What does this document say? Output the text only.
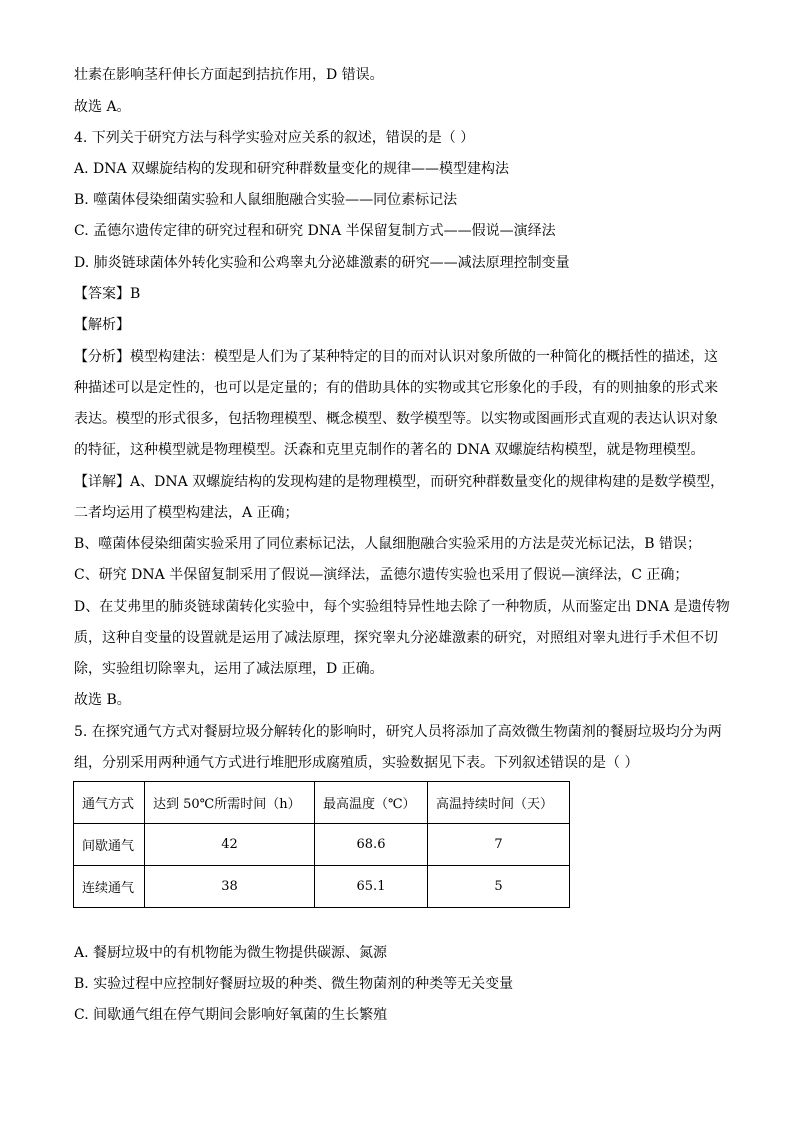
壮素在影响茎秆伸长方面起到拮抗作用，D 错误。
故选 A。
4. 下列关于研究方法与科学实验对应关系的叙述，错误的是（ ）
A. DNA 双螺旋结构的发现和研究种群数量变化的规律——模型建构法
B. 噬菌体侵染细菌实验和人鼠细胞融合实验——同位素标记法
C. 孟德尔遗传定律的研究过程和研究 DNA 半保留复制方式——假说—演绎法
D. 肺炎链球菌体外转化实验和公鸡睾丸分泌雄激素的研究——减法原理控制变量
【答案】B
【解析】
【分析】模型构建法：模型是人们为了某种特定的目的而对认识对象所做的一种简化的概括性的描述，这
种描述可以是定性的，也可以是定量的；有的借助具体的实物或其它形象化的手段，有的则抽象的形式来
表达。模型的形式很多，包括物理模型、概念模型、数学模型等。以实物或图画形式直观的表达认识对象
的特征，这种模型就是物理模型。沃森和克里克制作的著名的 DNA 双螺旋结构模型，就是物理模型。
【详解】A、DNA 双螺旋结构的发现构建的是物理模型，而研究种群数量变化的规律构建的是数学模型，
二者均运用了模型构建法，A 正确；
B、噬菌体侵染细菌实验采用了同位素标记法，人鼠细胞融合实验采用的方法是荧光标记法，B 错误；
C、研究 DNA 半保留复制采用了假说—演绎法，孟德尔遗传实验也采用了假说—演绎法，C 正确；
D、在艾弗里的肺炎链球菌转化实验中，每个实验组特异性地去除了一种物质，从而鉴定出 DNA 是遗传物
质，这种自变量的设置就是运用了减法原理，探究睾丸分泌雄激素的研究，对照组对睾丸进行手术但不切
除，实验组切除睾丸，运用了减法原理，D 正确。
故选 B。
5. 在探究通气方式对餐厨垃圾分解转化的影响时，研究人员将添加了高效微生物菌剂的餐厨垃圾均分为两
组，分别采用两种通气方式进行堆肥形成腐殖质，实验数据见下表。下列叙述错误的是（ ）
通气方式	达到 50℃所需时间（h）	最高温度（℃）	高温持续时间（天）
间歇通气	42	68.6	7
连续通气	38	65.1	5
A. 餐厨垃圾中的有机物能为微生物提供碳源、氮源
B. 实验过程中应控制好餐厨垃圾的种类、微生物菌剂的种类等无关变量
C. 间歇通气组在停气期间会影响好氧菌的生长繁殖
